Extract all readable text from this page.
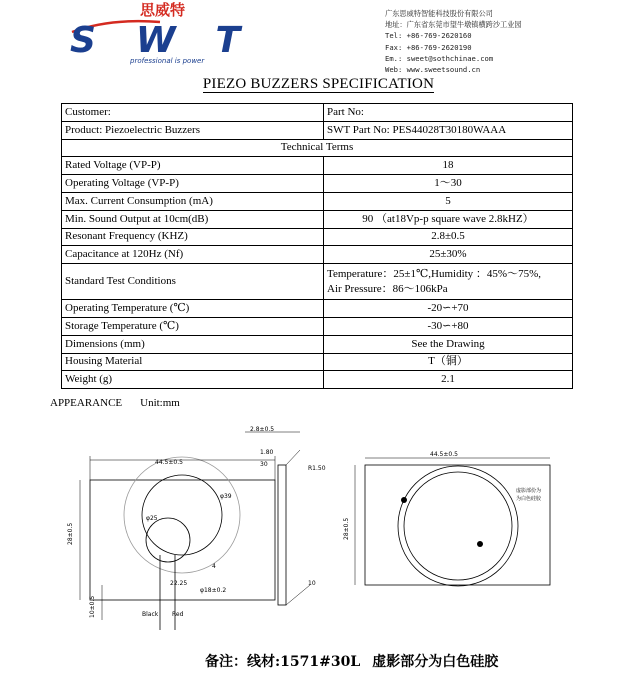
思威特
SWT
professional is power
广东思威特智能科技股份有限公司
地址：广东省东莞市望牛墩镇横跨沙工业园
Tel: +86-769-2620160
Fax: +86-769-2620190
Em.: sweet@sothchinae.com
Web: www.sweetsound.cn
PIEZO BUZZERS SPECIFICATION
Customer:	Part No:
Product: Piezoelectric Buzzers	SWT Part No: PES44028T30180WAAA
Technical Terms	
Rated Voltage (VP-P)	18
Operating Voltage (VP-P)	1～30
Max. Current Consumption (mA)	5
Min. Sound Output at 10cm(dB)	90 （at18Vp-p square wave 2.8kHZ）
Resonant Frequency (KHZ)	2.8±0.5
Capacitance at 120Hz (Nf)	25±30%
Standard Test Conditions	Temperature：25±1℃,Humidity ：45%～75%,
Air Pressure：86～106kPa

Operating Temperature (℃)	-20∽+70
Storage Temperature (℃)	-30∽+80
Dimensions (mm)	See the Drawing
Housing Material	T（铜）
Weight (g)	2.1
APPEARANCE Unit:mm
44.5±0.5
22.25
φ39
φ25
φ18±0.2
4
Black Red
28±0.5
10±0.5
2.8±0.5
1.80
30
R1.50
10
44.5±0.5
虚影部份为
为白色硅胶
28±0.5
备注：线材:1571#30L 虚影部分为白色硅胶
